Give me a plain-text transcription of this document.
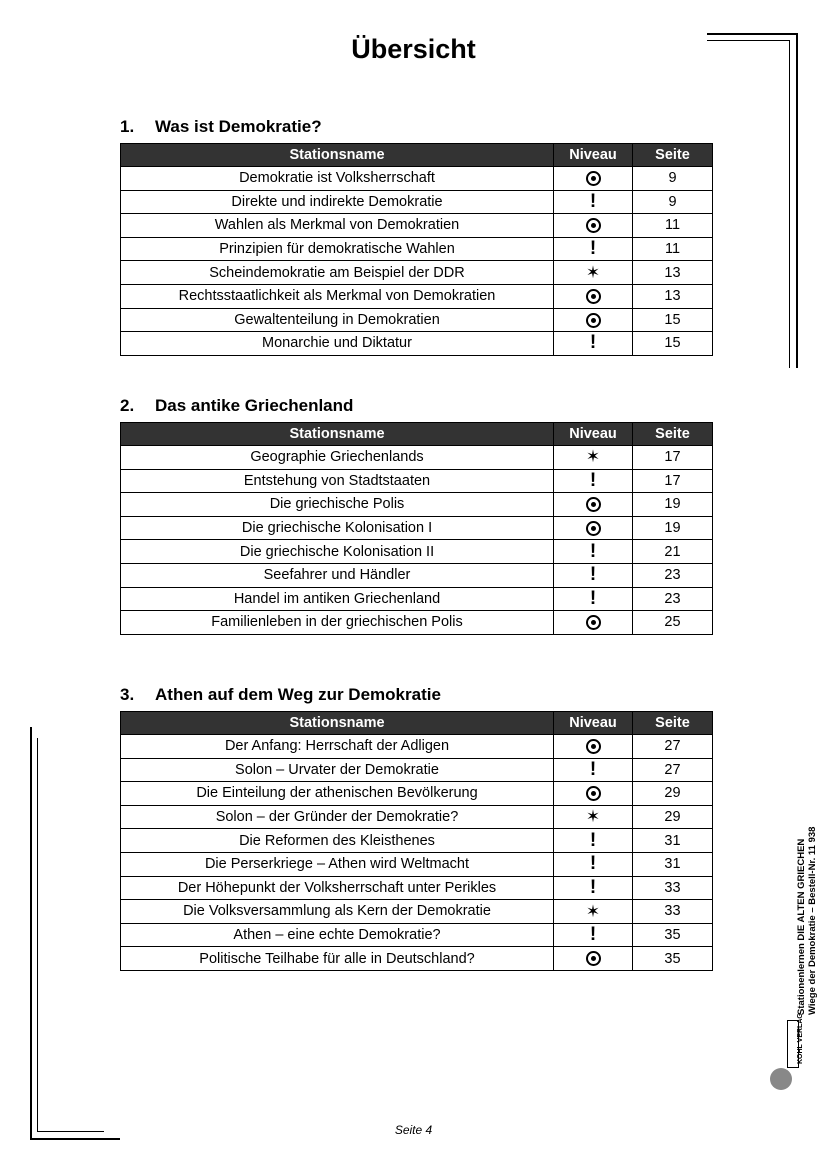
Übersicht
1. Was ist Demokratie?
Stationsname	Niveau	Seite
Demokratie ist Volksherrschaft		9
Direkte und indirekte Demokratie	!	9
Wahlen als Merkmal von Demokratien		11
Prinzipien für demokratische Wahlen	!	11
Scheindemokratie am Beispiel der DDR	✶	13
Rechtsstaatlichkeit als Merkmal von Demokratien		13
Gewaltenteilung in Demokratien		15
Monarchie und Diktatur	!	15
2. Das antike Griechenland
Stationsname	Niveau	Seite
Geographie Griechenlands	✶	17
Entstehung von Stadtstaaten	!	17
Die griechische Polis		19
Die griechische Kolonisation I		19
Die griechische Kolonisation II	!	21
Seefahrer und Händler	!	23
Handel im antiken Griechenland	!	23
Familienleben in der griechischen Polis		25
3. Athen auf dem Weg zur Demokratie
Stationsname	Niveau	Seite
Der Anfang: Herrschaft der Adligen		27
Solon – Urvater der Demokratie	!	27
Die Einteilung der athenischen Bevölkerung		29
Solon – der Gründer der Demokratie?	✶	29
Die Reformen des Kleisthenes	!	31
Die Perserkriege – Athen wird Weltmacht	!	31
Der Höhepunkt der Volksherrschaft unter Perikles	!	33
Die Volksversammlung als Kern der Demokratie	✶	33
Athen – eine echte Demokratie?	!	35
Politische Teilhabe für alle in Deutschland?		35	Stationenlernen DIE ALTEN GRIECHEN Wiege der Demokratie – Bestell-Nr. 11 938
KOHL VERLAG
Seite 4
